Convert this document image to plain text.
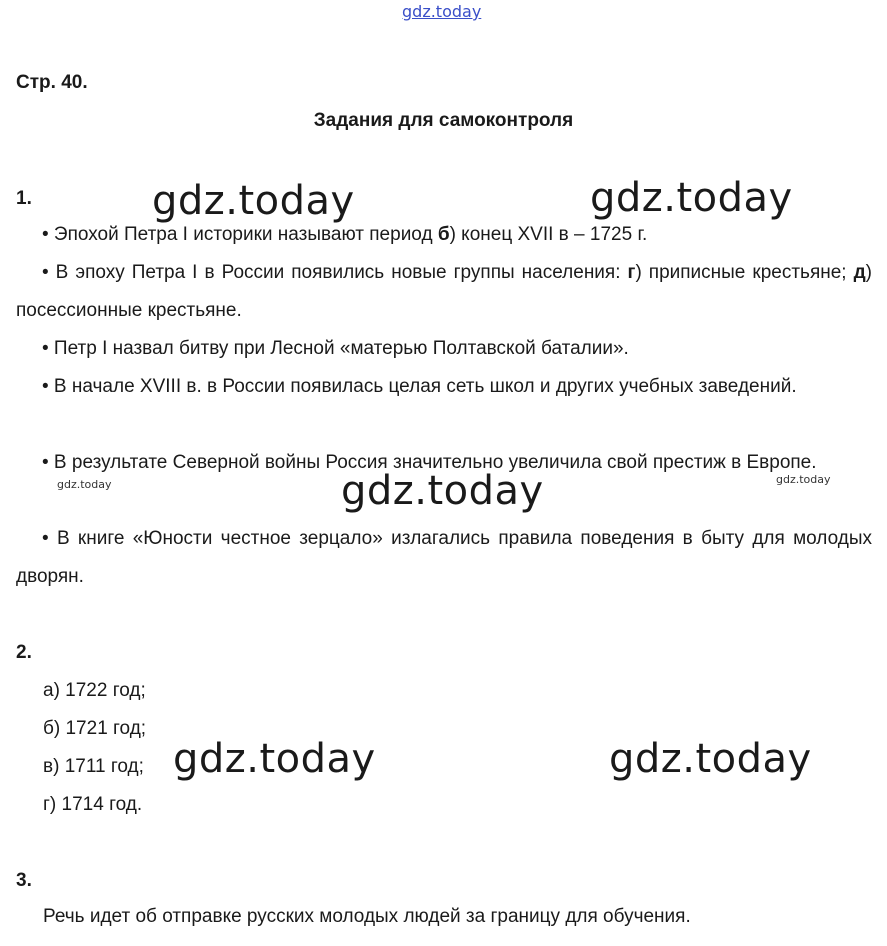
gdz.today
gdz.today	gdz.today
gdz.today
gdz.today	gdz.today
gdz.today	gdz.today
Стр. 40.
Задания для самоконтроля
1.

• Эпохой Петра I историки называют период б) конец XVII в – 1725 г.

• В эпоху Петра I в России появились новые группы населения: г) приписные крестьяне; д) посессионные крестьяне.

• Петр I назвал битву при Лесной «матерью Полтавской баталии».

• В начале XVIII в. в России появилась целая сеть школ и других учебных заведений.

• В результате Северной войны Россия значительно увеличила свой престиж в Европе.

• В книге «Юности честное зерцало» излагались правила поведения в быту для молодых дворян.

2.
а) 1722 год;
б) 1721 год;
в) 1711 год;
г) 1714 год.
3.
Речь идет об отправке русских молодых людей за границу для обучения.
